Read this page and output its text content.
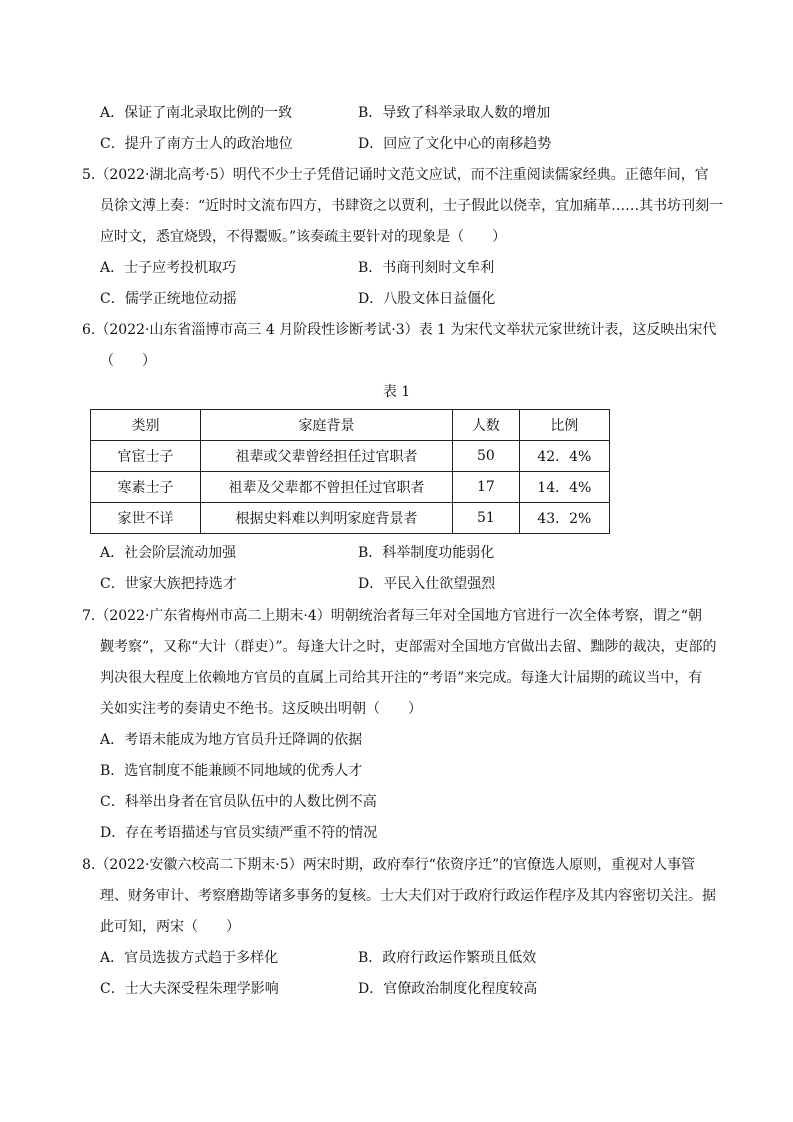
A．保证了南北录取比例的一致	B．导致了科举录取人数的增加
C．提升了南方士人的政治地位	D．回应了文化中心的南移趋势
5.（2022·湖北高考·5）明代不少士子凭借记诵时文范文应试，而不注重阅读儒家经典。正德年间，官
员徐文溥上奏：“近时时文流布四方，书肆资之以贾利，士子假此以侥幸，宜加痛革……其书坊刊刻一
应时文，悉宜烧毁，不得鬻贩。”该奏疏主要针对的现象是（　　）
A．士子应考投机取巧	B．书商刊刻时文牟利
C．儒学正统地位动摇	D．八股文体日益僵化
6.（2022·山东省淄博市高三 4 月阶段性诊断考试·3）表 1 为宋代文举状元家世统计表，这反映出宋代
（　　）
表 1
类别	家庭背景	人数	比例
官宦士子	祖辈或父辈曾经担任过官职者	50	42．4%
寒素士子	祖辈及父辈都不曾担任过官职者	17	14．4%
家世不详	根据史料难以判明家庭背景者	51	43．2%
A．社会阶层流动加强	B．科举制度功能弱化
C．世家大族把持选才	D．平民入仕欲望强烈
7.（2022·广东省梅州市高二上期末·4）明朝统治者每三年对全国地方官进行一次全体考察，谓之“朝
觐考察”，又称“大计（群吏）”。每逢大计之时，吏部需对全国地方官做出去留、黜陟的裁决，吏部的
判决很大程度上依赖地方官员的直属上司给其开注的“考语”来完成。每逢大计届期的疏议当中，有
关如实注考的奏请史不绝书。这反映出明朝（　　）
A．考语未能成为地方官员升迁降调的依据
B．选官制度不能兼顾不同地域的优秀人才
C．科举出身者在官员队伍中的人数比例不高
D．存在考语描述与官员实绩严重不符的情况
8.（2022·安徽六校高二下期末·5）两宋时期，政府奉行“依资序迁”的官僚选人原则，重视对人事管
理、财务审计、考察磨勘等诸多事务的复核。士大夫们对于政府行政运作程序及其内容密切关注。据
此可知，两宋（　　）
A．官员选拔方式趋于多样化	B．政府行政运作繁琐且低效
C．士大夫深受程朱理学影响	D．官僚政治制度化程度较高
